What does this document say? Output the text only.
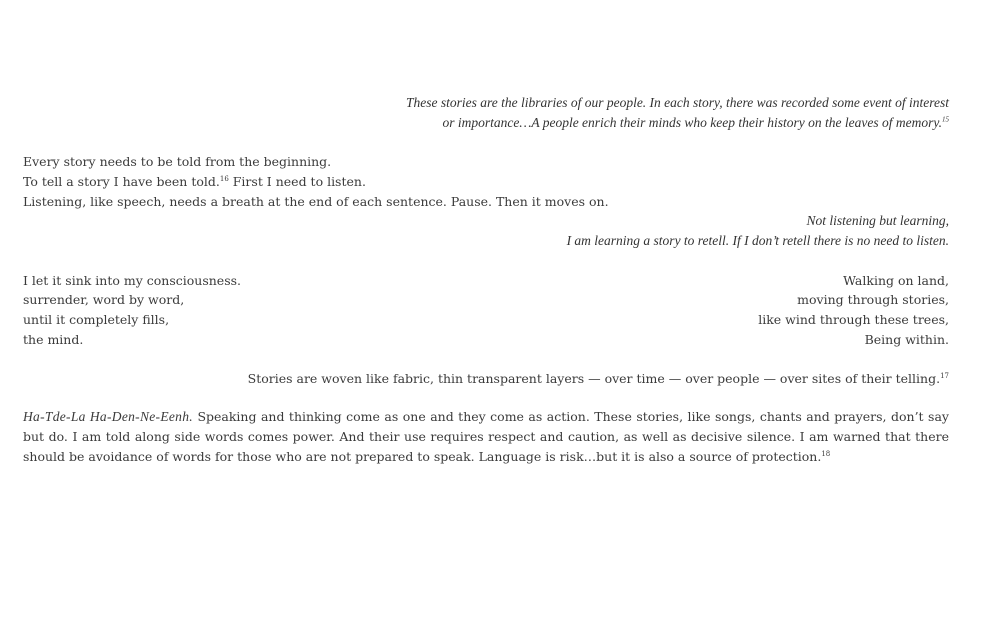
These stories are the libraries of our people. In each story, there was recorded some event of interest
or importance…A people enrich their minds who keep their history on the leaves of memory.$^{15}$
Every story needs to be told from the beginning.
To tell a story I have been told.$^{16}$ First I need to listen.
Listening, like speech, needs a breath at the end of each sentence. Pause. Then it moves on.
Not listening but learning,
I am learning a story to retell. If I don’t retell there is no need to listen.
I let it sink into my consciousness.
surrender, word by word,
until it completely fills,
the mind.
Walking on land,
moving through stories,
like wind through these trees,
Being within.
Stories are woven like fabric, thin transparent layers — over time — over people — over sites of their telling.$^{17}$
Ha-Tde-La Ha-Den-Ne-Eenh. Speaking and thinking come as one and they come as action. These stories, like songs, chants and prayers, don’t say but do. I am told along side words comes power. And their use requires respect and caution, as well as decisive silence. I am warned that there should be avoidance of words for those who are not prepared to speak. Language is risk…but it is also a source of protection.$^{18}$
